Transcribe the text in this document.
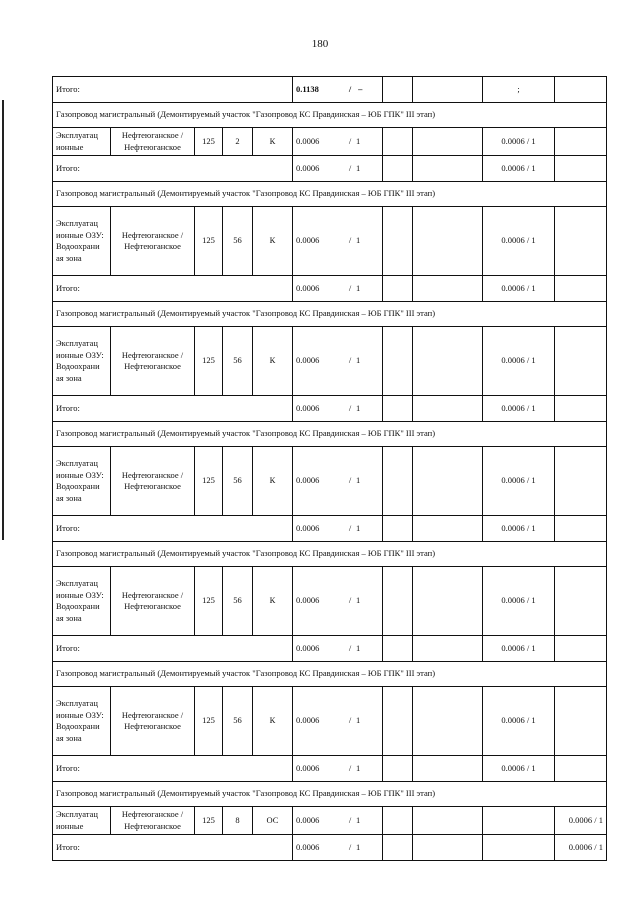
180
Итого:					0.1138 / –			;	
Газопровод магистральный (Демонтируемый участок "Газопровод КС Правдинская – ЮБ ГПК" III этап)									
Эксплуатац ионные	Нефтеюганское / Нефтеюганское	125	2	К	0.0006 / 1			0.0006 / 1	
Итого:					0.0006 / 1			0.0006 / 1	
Газопровод магистральный (Демонтируемый участок "Газопровод КС Правдинская – ЮБ ГПК" III этап)									
Эксплуатац ионные ОЗУ: Водоохрани ая зона	Нефтеюганское / Нефтеюганское	125	56	К	0.0006 / 1			0.0006 / 1	
Итого:					0.0006 / 1			0.0006 / 1	
Газопровод магистральный (Демонтируемый участок "Газопровод КС Правдинская – ЮБ ГПК" III этап)									
Эксплуатац ионные ОЗУ: Водоохрани ая зона	Нефтеюганское / Нефтеюганское	125	56	К	0.0006 / 1			0.0006 / 1	
Итого:					0.0006 / 1			0.0006 / 1	
Газопровод магистральный (Демонтируемый участок "Газопровод КС Правдинская – ЮБ ГПК" III этап)									
Эксплуатац ионные ОЗУ: Водоохрани ая зона	Нефтеюганское / Нефтеюганское	125	56	К	0.0006 / 1			0.0006 / 1	
Итого:					0.0006 / 1			0.0006 / 1	
Газопровод магистральный (Демонтируемый участок "Газопровод КС Правдинская – ЮБ ГПК" III этап)									
Эксплуатац ионные ОЗУ: Водоохрани ая зона	Нефтеюганское / Нефтеюганское	125	56	К	0.0006 / 1			0.0006 / 1	
Итого:					0.0006 / 1			0.0006 / 1	
Газопровод магистральный (Демонтируемый участок "Газопровод КС Правдинская – ЮБ ГПК" III этап)									
Эксплуатац ионные ОЗУ: Водоохрани ая зона	Нефтеюганское / Нефтеюганское	125	56	К	0.0006 / 1			0.0006 / 1	
Итого:					0.0006 / 1			0.0006 / 1	
Газопровод магистральный (Демонтируемый участок "Газопровод КС Правдинская – ЮБ ГПК" III этап)									
Эксплуатац ионные	Нефтеюганское / Нефтеюганское	125	8	ОС	0.0006 / 1				0.0006 / 1
Итого:					0.0006 / 1				0.0006 / 1
